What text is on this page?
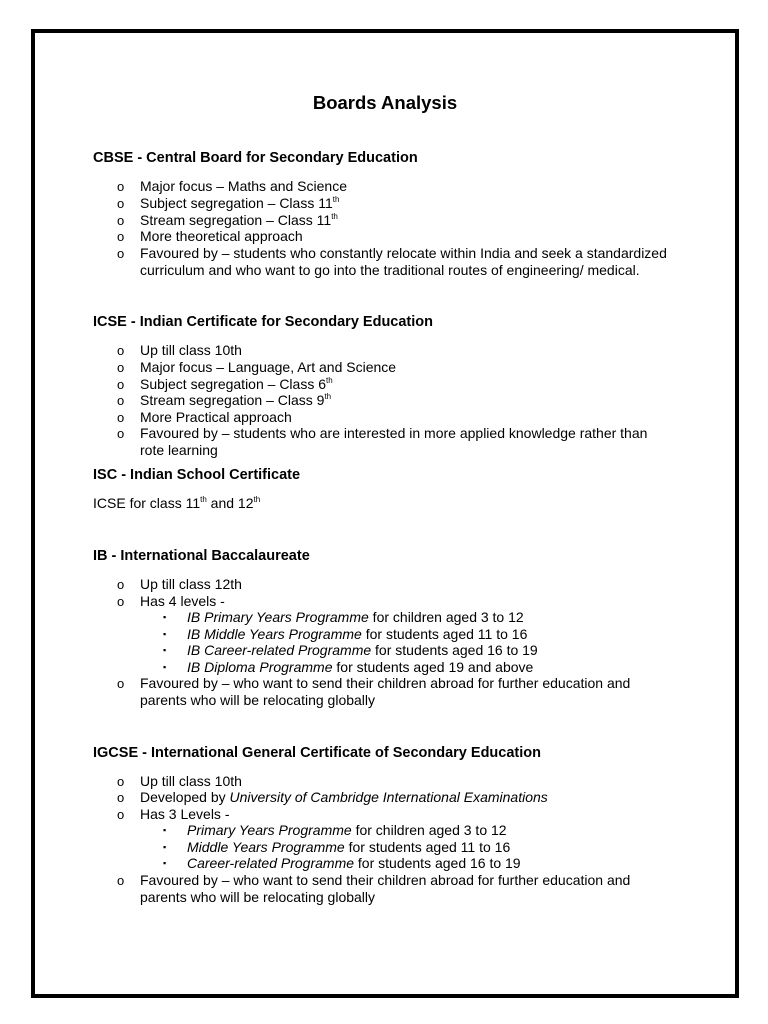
Boards Analysis
CBSE - Central Board for Secondary Education
o Major focus – Maths and Science
o Subject segregation – Class 11th
o Stream segregation – Class 11th
o More theoretical approach
o Favoured by – students who constantly relocate within India and seek a standardized
curriculum and who want to go into the traditional routes of engineering/ medical.
ICSE - Indian Certificate for Secondary Education
o Up till class 10th
o Major focus – Language, Art and Science
o Subject segregation – Class 6th
o Stream segregation – Class 9th
o More Practical approach
o Favoured by – students who are interested in more applied knowledge rather than
rote learning
ISC - Indian School Certificate
ICSE for class 11th and 12th
IB - International Baccalaureate
o Up till class 12th
o Has 4 levels -
▪ IB Primary Years Programme for children aged 3 to 12
▪ IB Middle Years Programme for students aged 11 to 16
▪ IB Career-related Programme for students aged 16 to 19
▪ IB Diploma Programme for students aged 19 and above
o Favoured by – who want to send their children abroad for further education and
parents who will be relocating globally
IGCSE - International General Certificate of Secondary Education
o Up till class 10th
o Developed by University of Cambridge International Examinations
o Has 3 Levels -
▪ Primary Years Programme for children aged 3 to 12
▪ Middle Years Programme for students aged 11 to 16
▪ Career-related Programme for students aged 16 to 19
o Favoured by – who want to send their children abroad for further education and
parents who will be relocating globally
